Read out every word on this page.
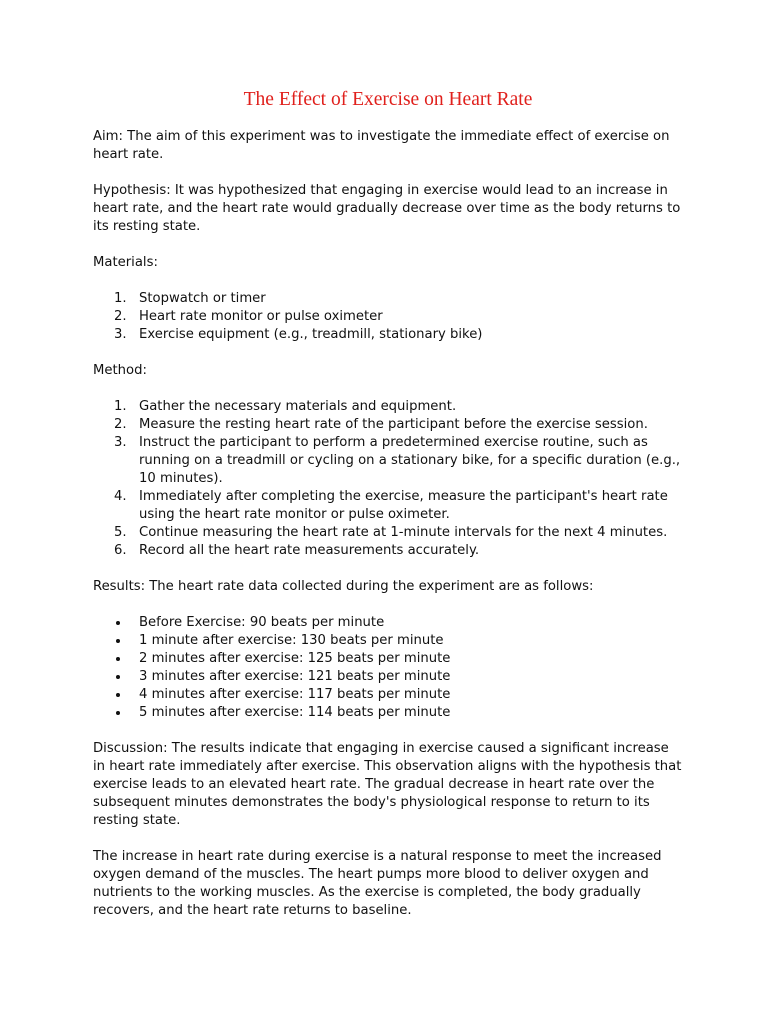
The Effect of Exercise on Heart Rate

Aim: The aim of this experiment was to investigate the immediate effect of exercise on heart rate.

Hypothesis: It was hypothesized that engaging in exercise would lead to an increase in heart rate, and the heart rate would gradually decrease over time as the body returns to its resting state.

Materials:
1. Stopwatch or timer
2. Heart rate monitor or pulse oximeter
3. Exercise equipment (e.g., treadmill, stationary bike)
Method:
1. Gather the necessary materials and equipment.
2. Measure the resting heart rate of the participant before the exercise session.
3. Instruct the participant to perform a predetermined exercise routine, such as running on a treadmill or cycling on a stationary bike, for a specific duration (e.g., 10 minutes).
4. Immediately after completing the exercise, measure the participant's heart rate using the heart rate monitor or pulse oximeter.
5. Continue measuring the heart rate at 1-minute intervals for the next 4 minutes.
6. Record all the heart rate measurements accurately.

Results: The heart rate data collected during the experiment are as follows:

Before Exercise: 90 beats per minute
1 minute after exercise: 130 beats per minute
2 minutes after exercise: 125 beats per minute
3 minutes after exercise: 121 beats per minute
4 minutes after exercise: 117 beats per minute
5 minutes after exercise: 114 beats per minute

Discussion: The results indicate that engaging in exercise caused a significant increase in heart rate immediately after exercise. This observation aligns with the hypothesis that exercise leads to an elevated heart rate. The gradual decrease in heart rate over the subsequent minutes demonstrates the body's physiological response to return to its resting state.

The increase in heart rate during exercise is a natural response to meet the increased oxygen demand of the muscles. The heart pumps more blood to deliver oxygen and nutrients to the working muscles. As the exercise is completed, the body gradually recovers, and the heart rate returns to baseline.
